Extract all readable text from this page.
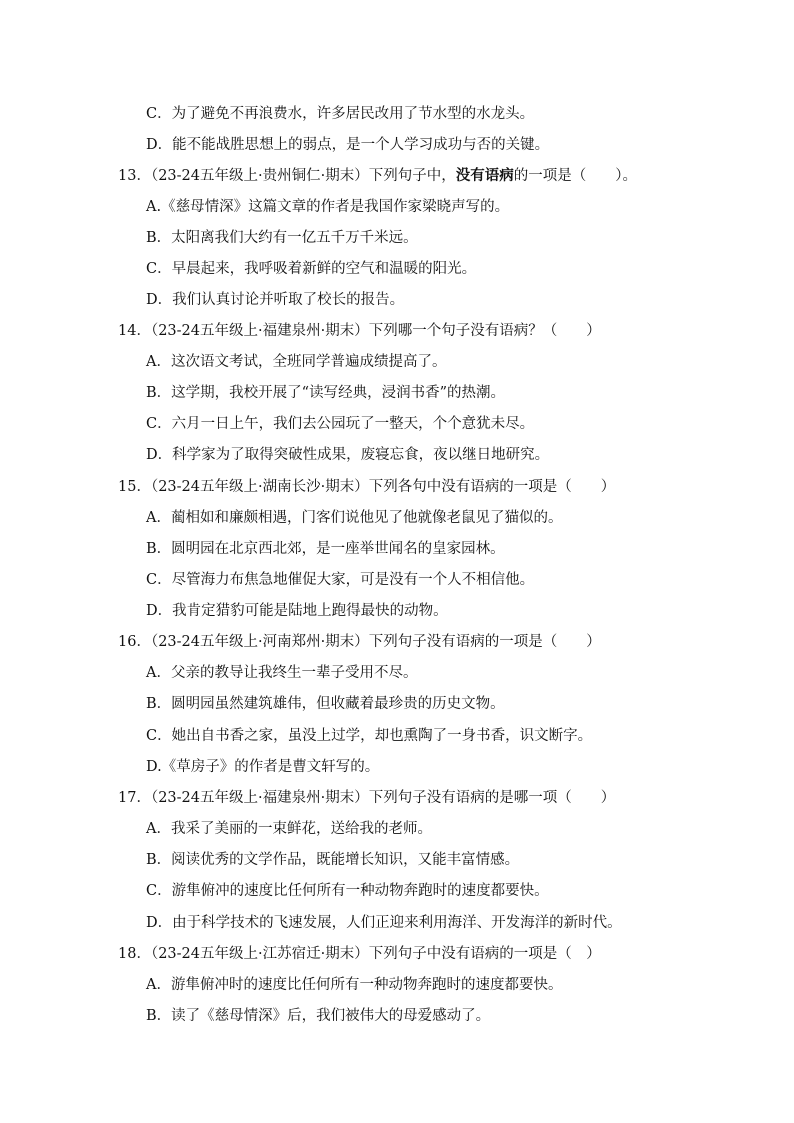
C．为了避免不再浪费水，许多居民改用了节水型的水龙头。
D．能不能战胜思想上的弱点，是一个人学习成功与否的关键。
13．（23-24五年级上·贵州铜仁·期末）下列句子中，没有语病的一项是（　　）。
A.《慈母情深》这篇文章的作者是我国作家梁晓声写的。
B．太阳离我们大约有一亿五千万千米远。
C．早晨起来，我呼吸着新鲜的空气和温暖的阳光。
D．我们认真讨论并听取了校长的报告。
14．（23-24五年级上·福建泉州·期末）下列哪一个句子没有语病？（　　）
A．这次语文考试，全班同学普遍成绩提高了。
B．这学期，我校开展了“读写经典，浸润书香”的热潮。
C．六月一日上午，我们去公园玩了一整天，个个意犹未尽。
D．科学家为了取得突破性成果，废寝忘食，夜以继日地研究。
15．（23-24五年级上·湖南长沙·期末）下列各句中没有语病的一项是（　　）
A．蔺相如和廉颇相遇，门客们说他见了他就像老鼠见了猫似的。
B．圆明园在北京西北郊，是一座举世闻名的皇家园林。
C．尽管海力布焦急地催促大家，可是没有一个人不相信他。
D．我肯定猎豹可能是陆地上跑得最快的动物。
16．（23-24五年级上·河南郑州·期末）下列句子没有语病的一项是（　　）
A．父亲的教导让我终生一辈子受用不尽。
B．圆明园虽然建筑雄伟，但收藏着最珍贵的历史文物。
C．她出自书香之家，虽没上过学，却也熏陶了一身书香，识文断字。
D.《草房子》的作者是曹文轩写的。
17．（23-24五年级上·福建泉州·期末）下列句子没有语病的是哪一项（　　）
A．我采了美丽的一束鲜花，送给我的老师。
B．阅读优秀的文学作品，既能增长知识，又能丰富情感。
C．游隼俯冲的速度比任何所有一种动物奔跑时的速度都要快。
D．由于科学技术的飞速发展，人们正迎来利用海洋、开发海洋的新时代。
18．（23-24五年级上·江苏宿迁·期末）下列句子中没有语病的一项是（　）
A．游隼俯冲时的速度比任何所有一种动物奔跑时的速度都要快。
B．读了《慈母情深》后，我们被伟大的母爱感动了。
